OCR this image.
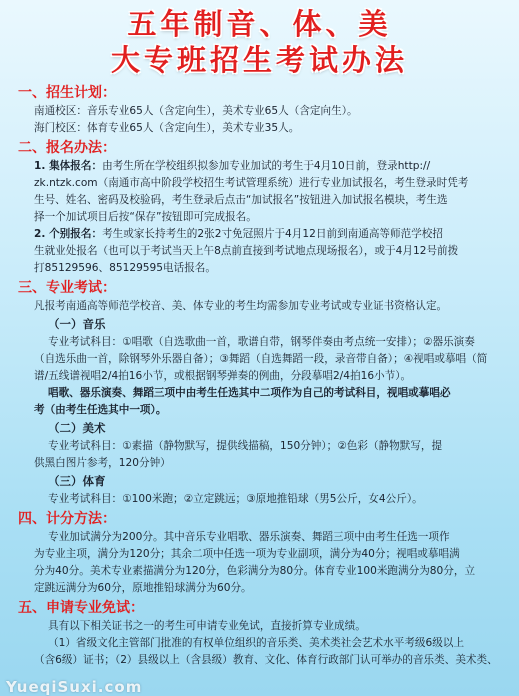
五年制音、体、美
大专班招生考试办法
一、招生计划：
南通校区：音乐专业65人（含定向生），美术专业65人（含定向生）。
海门校区：体育专业65人（含定向生），美术专业35人。
二、报名办法：
1. 集体报名：由考生所在学校组织拟参加专业加试的考生于4月10日前，登录http://
zk.ntzk.com（南通市高中阶段学校招生考试管理系统）进行专业加试报名，考生登录时凭考
生号、姓名、密码及校验码，考生登录后点击“加试报名”按钮进入加试报名模块，考生选
择一个加试项目后按“保存”按钮即可完成报名。
2. 个别报名：考生或家长持考生的2张2寸免冠照片于4月12日前到南通高等师范学校招
生就业处报名（也可以于考试当天上午8点前直接到考试地点现场报名），或于4月12号前拨
打85129596、85129595电话报名。
三、专业考试：
凡报考南通高等师范学校音、美、体专业的考生均需参加专业考试或专业证书资格认定。
（一）音乐
专业考试科目：①唱歌（自选歌曲一首，歌谱自带，钢琴伴奏由考点统一安排）；②器乐演奏
（自选乐曲一首，除钢琴外乐器自备）；③舞蹈（自选舞蹈一段，录音带自备）；④视唱或摹唱（简
谱/五线谱视唱2/4拍16小节，或根据钢琴弹奏的例曲，分段摹唱2/4拍16小节）。
唱歌、器乐演奏、舞蹈三项中由考生任选其中二项作为自己的考试科目，视唱或摹唱必
考（由考生任选其中一项）。
（二）美术
专业考试科目：①素描（静物默写，提供线描稿，150分钟）；②色彩（静物默写，提
供黑白图片参考，120分钟）
（三）体育
专业考试科目：①100米跑；②立定跳远；③原地推铅球（男5公斤，女4公斤）。
四、计分方法：
专业加试满分为200分。其中音乐专业唱歌、器乐演奏、舞蹈三项中由考生任选一项作
为专业主项，满分为120分；其余二项中任选一项为专业副项，满分为40分；视唱或摹唱满
分为40分。美术专业素描满分为120分，色彩满分为80分。体育专业100米跑满分为80分，立
定跳远满分为60分，原地推铅球满分为60分。
五、申请专业免试：
具有以下相关证书之一的考生可申请专业免试，直接折算专业成绩。
（1）省级文化主管部门批准的有权单位组织的音乐类、美术类社会艺术水平考级6级以上
（含6级）证书；（2）县级以上（含县级）教育、文化、体育行政部门认可举办的音乐类、美术类、
YueqiSuxi.com
